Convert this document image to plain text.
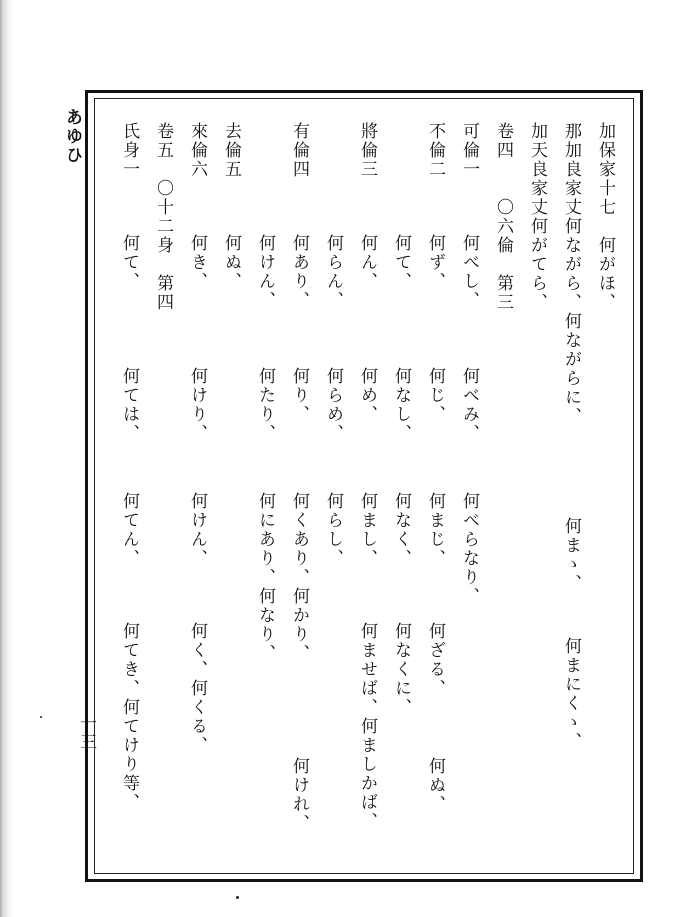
あゆひ
一三
加保家十七　何がほ、
那加良家丈何ながら、何ながらに、
何まゝ、
何まにくゝ、
加天良家丈何がてら、
卷四　　〇六倫　第三
可倫一
何べし、
何べみ、
何べらなり、
不倫二
何ず、
何じ、
何まじ、
何ざる、
何ぬ、
何て、
何なし、
何なく、
何なくに、
將倫三
何ん、
何め、
何まし、
何ませば、何ましかば、
何らん、
何らめ、
何らし、
有倫四
何あり、
何り、
何くあり、何かり、
何けれ、
何けん、
何たり、
何にあり、何なり、
去倫五
何ぬ、
來倫六
何き、
何けり、
何けん、
何く、何くる、
卷五　〇十二身　第四
氏身一
何て、
何ては、
何てん、
何てき、何てけり等、
